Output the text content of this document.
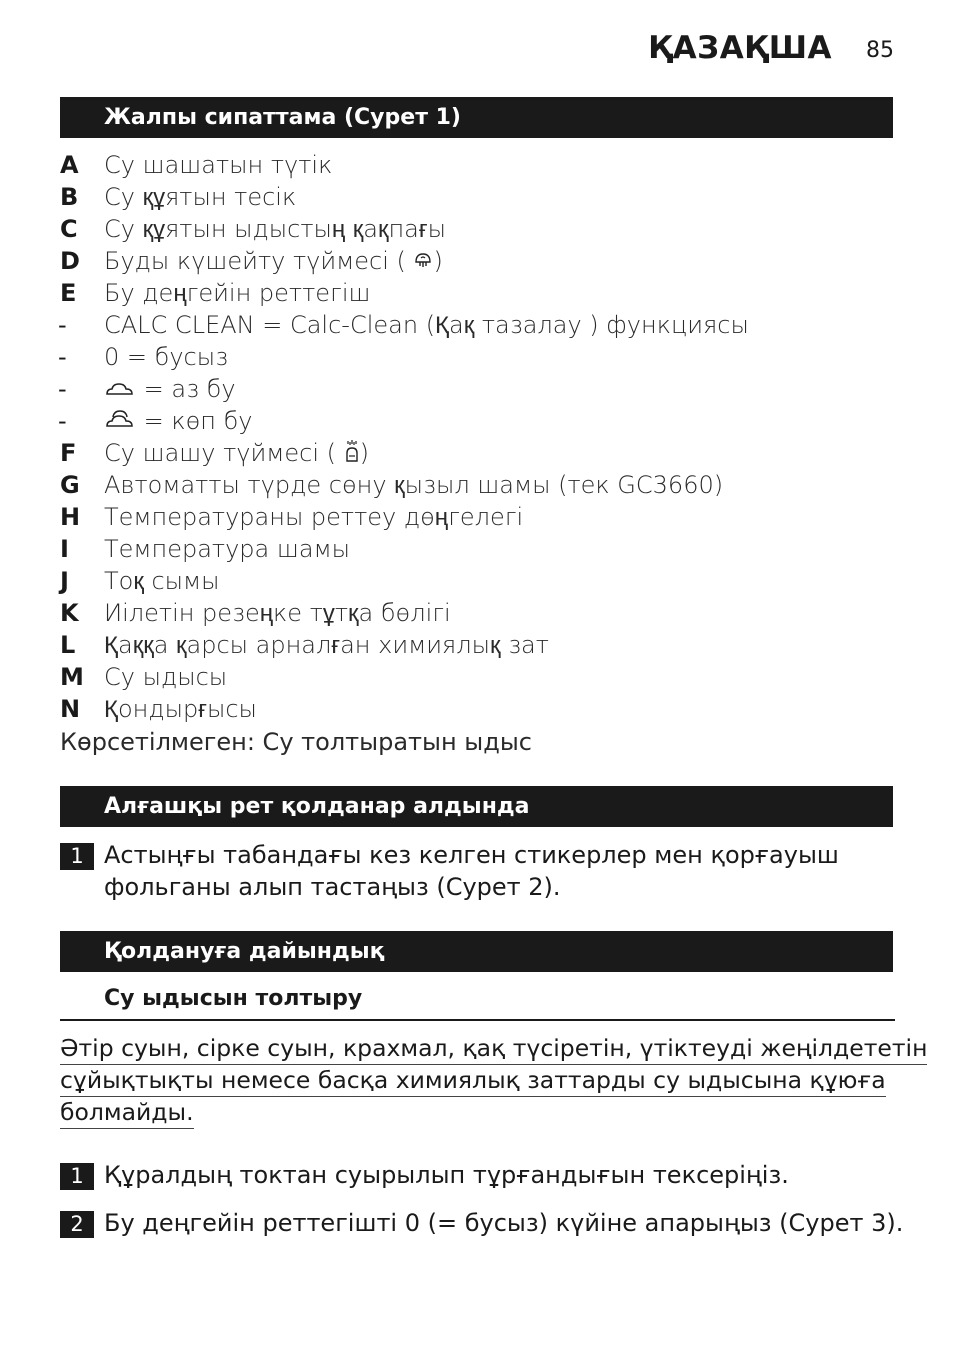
ҚАЗАҚША 85
Жалпы сипаттама (Сурет 1)
A	Су шашатын түтік
B	Су құятын тесік
C	Су құятын ыдыстың қақпағы
D	Буды күшейту түймесі ( )
E	Бу деңгейін реттегіш
-	CALC CLEAN = Calc-Clean (Қақ тазалау ) функциясы
-	0 = бусыз
-	= аз бу
-	= көп бу
F	Су шашу түймесі ( )
G	Автоматты түрде сөну қызыл шамы (тек GC3660)
H Температураны реттеу дөңгелегі
I	Температура шамы
J	Тоқ сымы
K	Иілетін резеңке тұтқа бөлігі
L	Қаққа қарсы арналған химиялық зат
M Су ыдысы
N Қондырғысы
Көрсетілмеген: Су толтыратын ыдыс
Алғашқы рет қолданар алдында
1 Астыңғы табандағы кез келген стикерлер мен қорғауыш
фольганы алып тастаңыз (Сурет 2).
Қолдануға дайындық
Су ыдысын толтыру
Әтір суын, сірке суын, крахмал, қақ түсіретін, үтіктеуді жеңілдететін
сұйықтықты немесе басқа химиялық заттарды су ыдысына құюға
болмайды.
1 Құралдың токтан суырылып тұрғандығын тексеріңіз.
2 Бу деңгейін реттегішті 0 (= бусыз) күйіне апарыңыз (Сурет 3).
